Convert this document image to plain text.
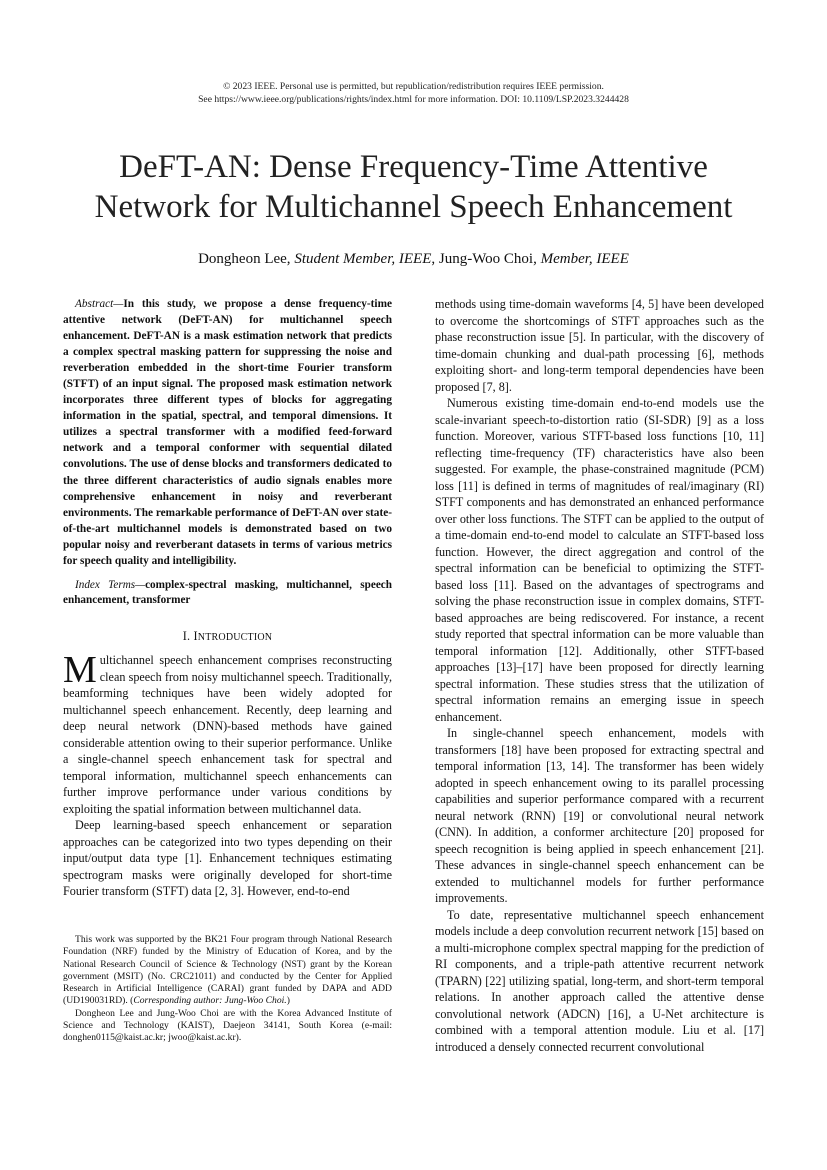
© 2023 IEEE. Personal use is permitted, but republication/redistribution requires IEEE permission.
See https://www.ieee.org/publications/rights/index.html for more information. DOI: 10.1109/LSP.2023.3244428
DeFT-AN: Dense Frequency-Time Attentive
Network for Multichannel Speech Enhancement
Dongheon Lee, Student Member, IEEE, Jung-Woo Choi, Member, IEEE

Abstract—In this study, we propose a dense frequency-time attentive network (DeFT-AN) for multichannel speech enhancement. DeFT-AN is a mask estimation network that predicts a complex spectral masking pattern for suppressing the noise and reverberation embedded in the short-time Fourier transform (STFT) of an input signal. The proposed mask estimation network incorporates three different types of blocks for aggregating information in the spatial, spectral, and temporal dimensions. It utilizes a spectral transformer with a modified feed-forward network and a temporal conformer with sequential dilated convolutions. The use of dense blocks and transformers dedicated to the three different characteristics of audio signals enables more comprehensive enhancement in noisy and reverberant environments. The remarkable performance of DeFT-AN over state-of-the-art multichannel models is demonstrated based on two popular noisy and reverberant datasets in terms of various metrics for speech quality and intelligibility.

Index Terms—complex-spectral masking, multichannel, speech enhancement, transformer

I. INTRODUCTION

Multichannel speech enhancement comprises reconstructing clean speech from noisy multichannel speech. Traditionally, beamforming techniques have been widely adopted for multichannel speech enhancement. Recently, deep learning and deep neural network (DNN)-based methods have gained considerable attention owing to their superior performance. Unlike a single-channel speech enhancement task for spectral and temporal information, multichannel speech enhancements can further improve performance under various conditions by exploiting the spatial information between multichannel data.

Deep learning-based speech enhancement or separation approaches can be categorized into two types depending on their input/output data type [1]. Enhancement techniques estimating spectrogram masks were originally developed for short-time Fourier transform (STFT) data [2, 3]. However, end-to-end

This work was supported by the BK21 Four program through National Research Foundation (NRF) funded by the Ministry of Education of Korea, and by the National Research Council of Science & Technology (NST) grant by the Korean government (MSIT) (No. CRC21011) and conducted by the Center for Applied Research in Artificial Intelligence (CARAI) grant funded by DAPA and ADD (UD190031RD). (Corresponding author: Jung-Woo Choi.)

Dongheon Lee and Jung-Woo Choi are with the Korea Advanced Institute of Science and Technology (KAIST), Daejeon 34141, South Korea (e-mail: donghen0115@kaist.ac.kr; jwoo@kaist.ac.kr).

methods using time-domain waveforms [4, 5] have been developed to overcome the shortcomings of STFT approaches such as the phase reconstruction issue [5]. In particular, with the discovery of time-domain chunking and dual-path processing [6], methods exploiting short- and long-term temporal dependencies have been proposed [7, 8].

Numerous existing time-domain end-to-end models use the scale-invariant speech-to-distortion ratio (SI-SDR) [9] as a loss function. Moreover, various STFT-based loss functions [10, 11] reflecting time-frequency (TF) characteristics have also been suggested. For example, the phase-constrained magnitude (PCM) loss [11] is defined in terms of magnitudes of real/imaginary (RI) STFT components and has demonstrated an enhanced performance over other loss functions. The STFT can be applied to the output of a time-domain end-to-end model to calculate an STFT-based loss function. However, the direct aggregation and control of the spectral information can be beneficial to optimizing the STFT-based loss [11]. Based on the advantages of spectrograms and solving the phase reconstruction issue in complex domains, STFT-based approaches are being rediscovered. For instance, a recent study reported that spectral information can be more valuable than temporal information [12]. Additionally, other STFT-based approaches [13]–[17] have been proposed for directly learning spectral information. These studies stress that the utilization of spectral information remains an emerging issue in speech enhancement.

In single-channel speech enhancement, models with transformers [18] have been proposed for extracting spectral and temporal information [13, 14]. The transformer has been widely adopted in speech enhancement owing to its parallel processing capabilities and superior performance compared with a recurrent neural network (RNN) [19] or convolutional neural network (CNN). In addition, a conformer architecture [20] proposed for speech recognition is being applied in speech enhancement [21]. These advances in single-channel speech enhancement can be extended to multichannel models for further performance improvements.

To date, representative multichannel speech enhancement models include a deep convolution recurrent network [15] based on a multi-microphone complex spectral mapping for the prediction of RI components, and a triple-path attentive recurrent network (TPARN) [22] utilizing spatial, long-term, and short-term temporal relations. In another approach called the attentive dense convolutional network (ADCN) [16], a U-Net architecture is combined with a temporal attention module. Liu et al. [17] introduced a densely connected recurrent convolutional
